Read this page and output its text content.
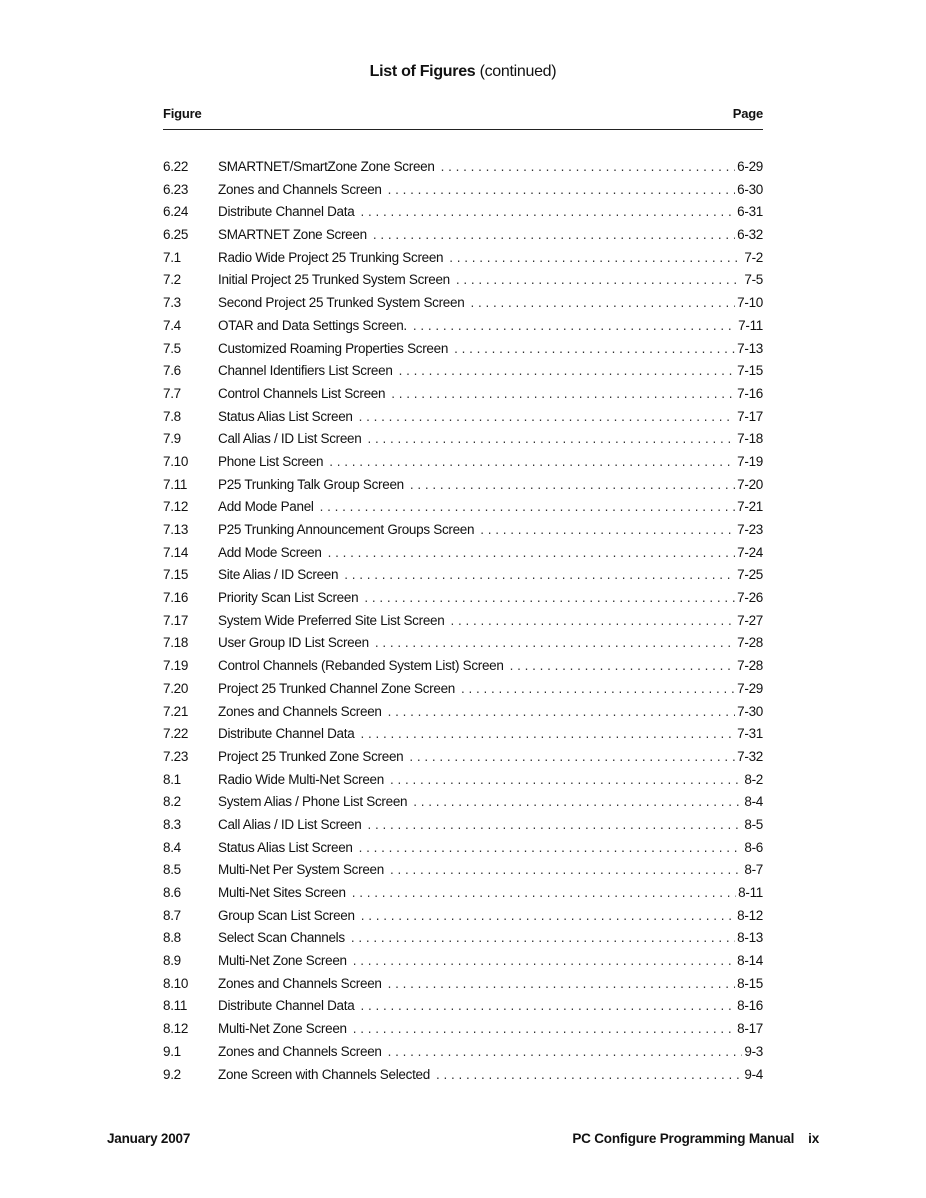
List of Figures (continued)
Figure	Page
6.22	SMARTNET/SmartZone Zone Screen . . .	6-29
6.23	Zones and Channels Screen . . .	6-30
6.24	Distribute Channel Data . . .	6-31
6.25	SMARTNET Zone Screen . . .	6-32
7.1	Radio Wide Project 25 Trunking Screen . . .	7-2
7.2	Initial Project 25 Trunked System Screen . . .	7-5
7.3	Second Project 25 Trunked System Screen . . .	7-10
7.4	OTAR and Data Settings Screen. . . .	7-11
7.5	Customized Roaming Properties Screen . . .	7-13
7.6	Channel Identifiers List Screen . . .	7-15
7.7	Control Channels List Screen . . .	7-16
7.8	Status Alias List Screen . . .	7-17
7.9	Call Alias / ID List Screen . . .	7-18
7.10	Phone List Screen . . .	7-19
7.11	P25 Trunking Talk Group Screen . . .	7-20
7.12	Add Mode Panel . . .	7-21
7.13	P25 Trunking Announcement Groups Screen . . .	7-23
7.14	Add Mode Screen . . .	7-24
7.15	Site Alias / ID Screen . . .	7-25
7.16	Priority Scan List Screen . . .	7-26
7.17	System Wide Preferred Site List Screen . . .	7-27
7.18	User Group ID List Screen . . .	7-28
7.19	Control Channels (Rebanded System List) Screen . . .	7-28
7.20	Project 25 Trunked Channel Zone Screen . . .	7-29
7.21	Zones and Channels Screen . . .	7-30
7.22	Distribute Channel Data . . .	7-31
7.23	Project 25 Trunked Zone Screen . . .	7-32
8.1	Radio Wide Multi-Net Screen . . .	8-2
8.2	System Alias / Phone List Screen . . .	8-4
8.3	Call Alias / ID List Screen . . .	8-5
8.4	Status Alias List Screen . . .	8-6
8.5	Multi-Net Per System Screen . . .	8-7
8.6	Multi-Net Sites Screen . . .	8-11
8.7	Group Scan List Screen . . .	8-12
8.8	Select Scan Channels . . .	8-13
8.9	Multi-Net Zone Screen . . .	8-14
8.10	Zones and Channels Screen . . .	8-15
8.11	Distribute Channel Data . . .	8-16
8.12	Multi-Net Zone Screen . . .	8-17
9.1	Zones and Channels Screen . . .	9-3
9.2	Zone Screen with Channels Selected . . .	9-4
January 2007	PC Configure Programming Manual ix
